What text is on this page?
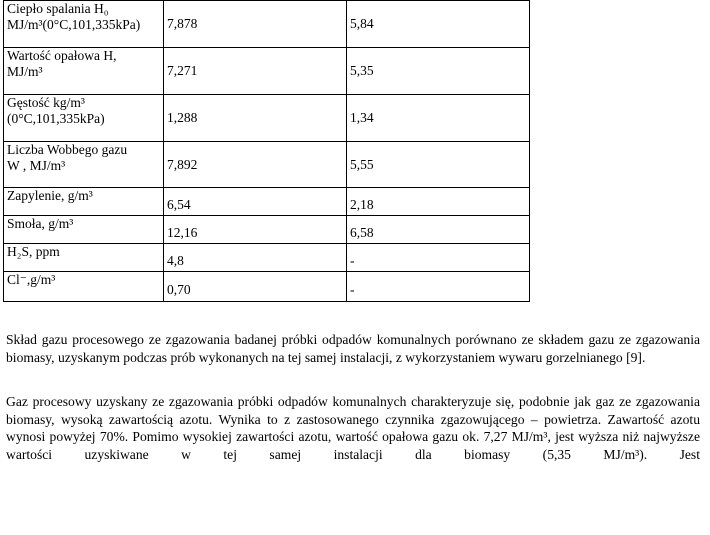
Ciepło spalania H₀
MJ/m³(0°C,101,335kPa)	7,878	5,84

Wartość opałowa H,
MJ/m³	7,271	5,35

Gęstość kg/m³
(0°C,101,335kPa)	1,288	1,34

Liczba Wobbego gazu
W , MJ/m³	7,892	5,55

Zapylenie, g/m³	6,54	2,18

Smoła, g/m³	12,16	6,58

H₂S, ppm	4,8	-

Cl⁻,g/m³	0,70	-

Skład gazu procesowego ze zgazowania badanej próbki odpadów komunalnych porównano ze składem gazu ze zgazowania biomasy, uzyskanym podczas prób wykonanych na tej samej instalacji, z wykorzystaniem wywaru gorzelnianego [9].

Gaz procesowy uzyskany ze zgazowania próbki odpadów komunalnych charakteryzuje się, podobnie jak gaz ze zgazowania biomasy, wysoką zawartością azotu. Wynika to z zastosowanego czynnika zgazowującego – powietrza. Zawartość azotu wynosi powyżej 70%. Pomimo wysokiej zawartości azotu, wartość opałowa gazu ok. 7,27 MJ/m³, jest wyższa niż najwyższe wartości uzyskiwane w tej samej instalacji dla biomasy (5,35 MJ/m³). Jest
